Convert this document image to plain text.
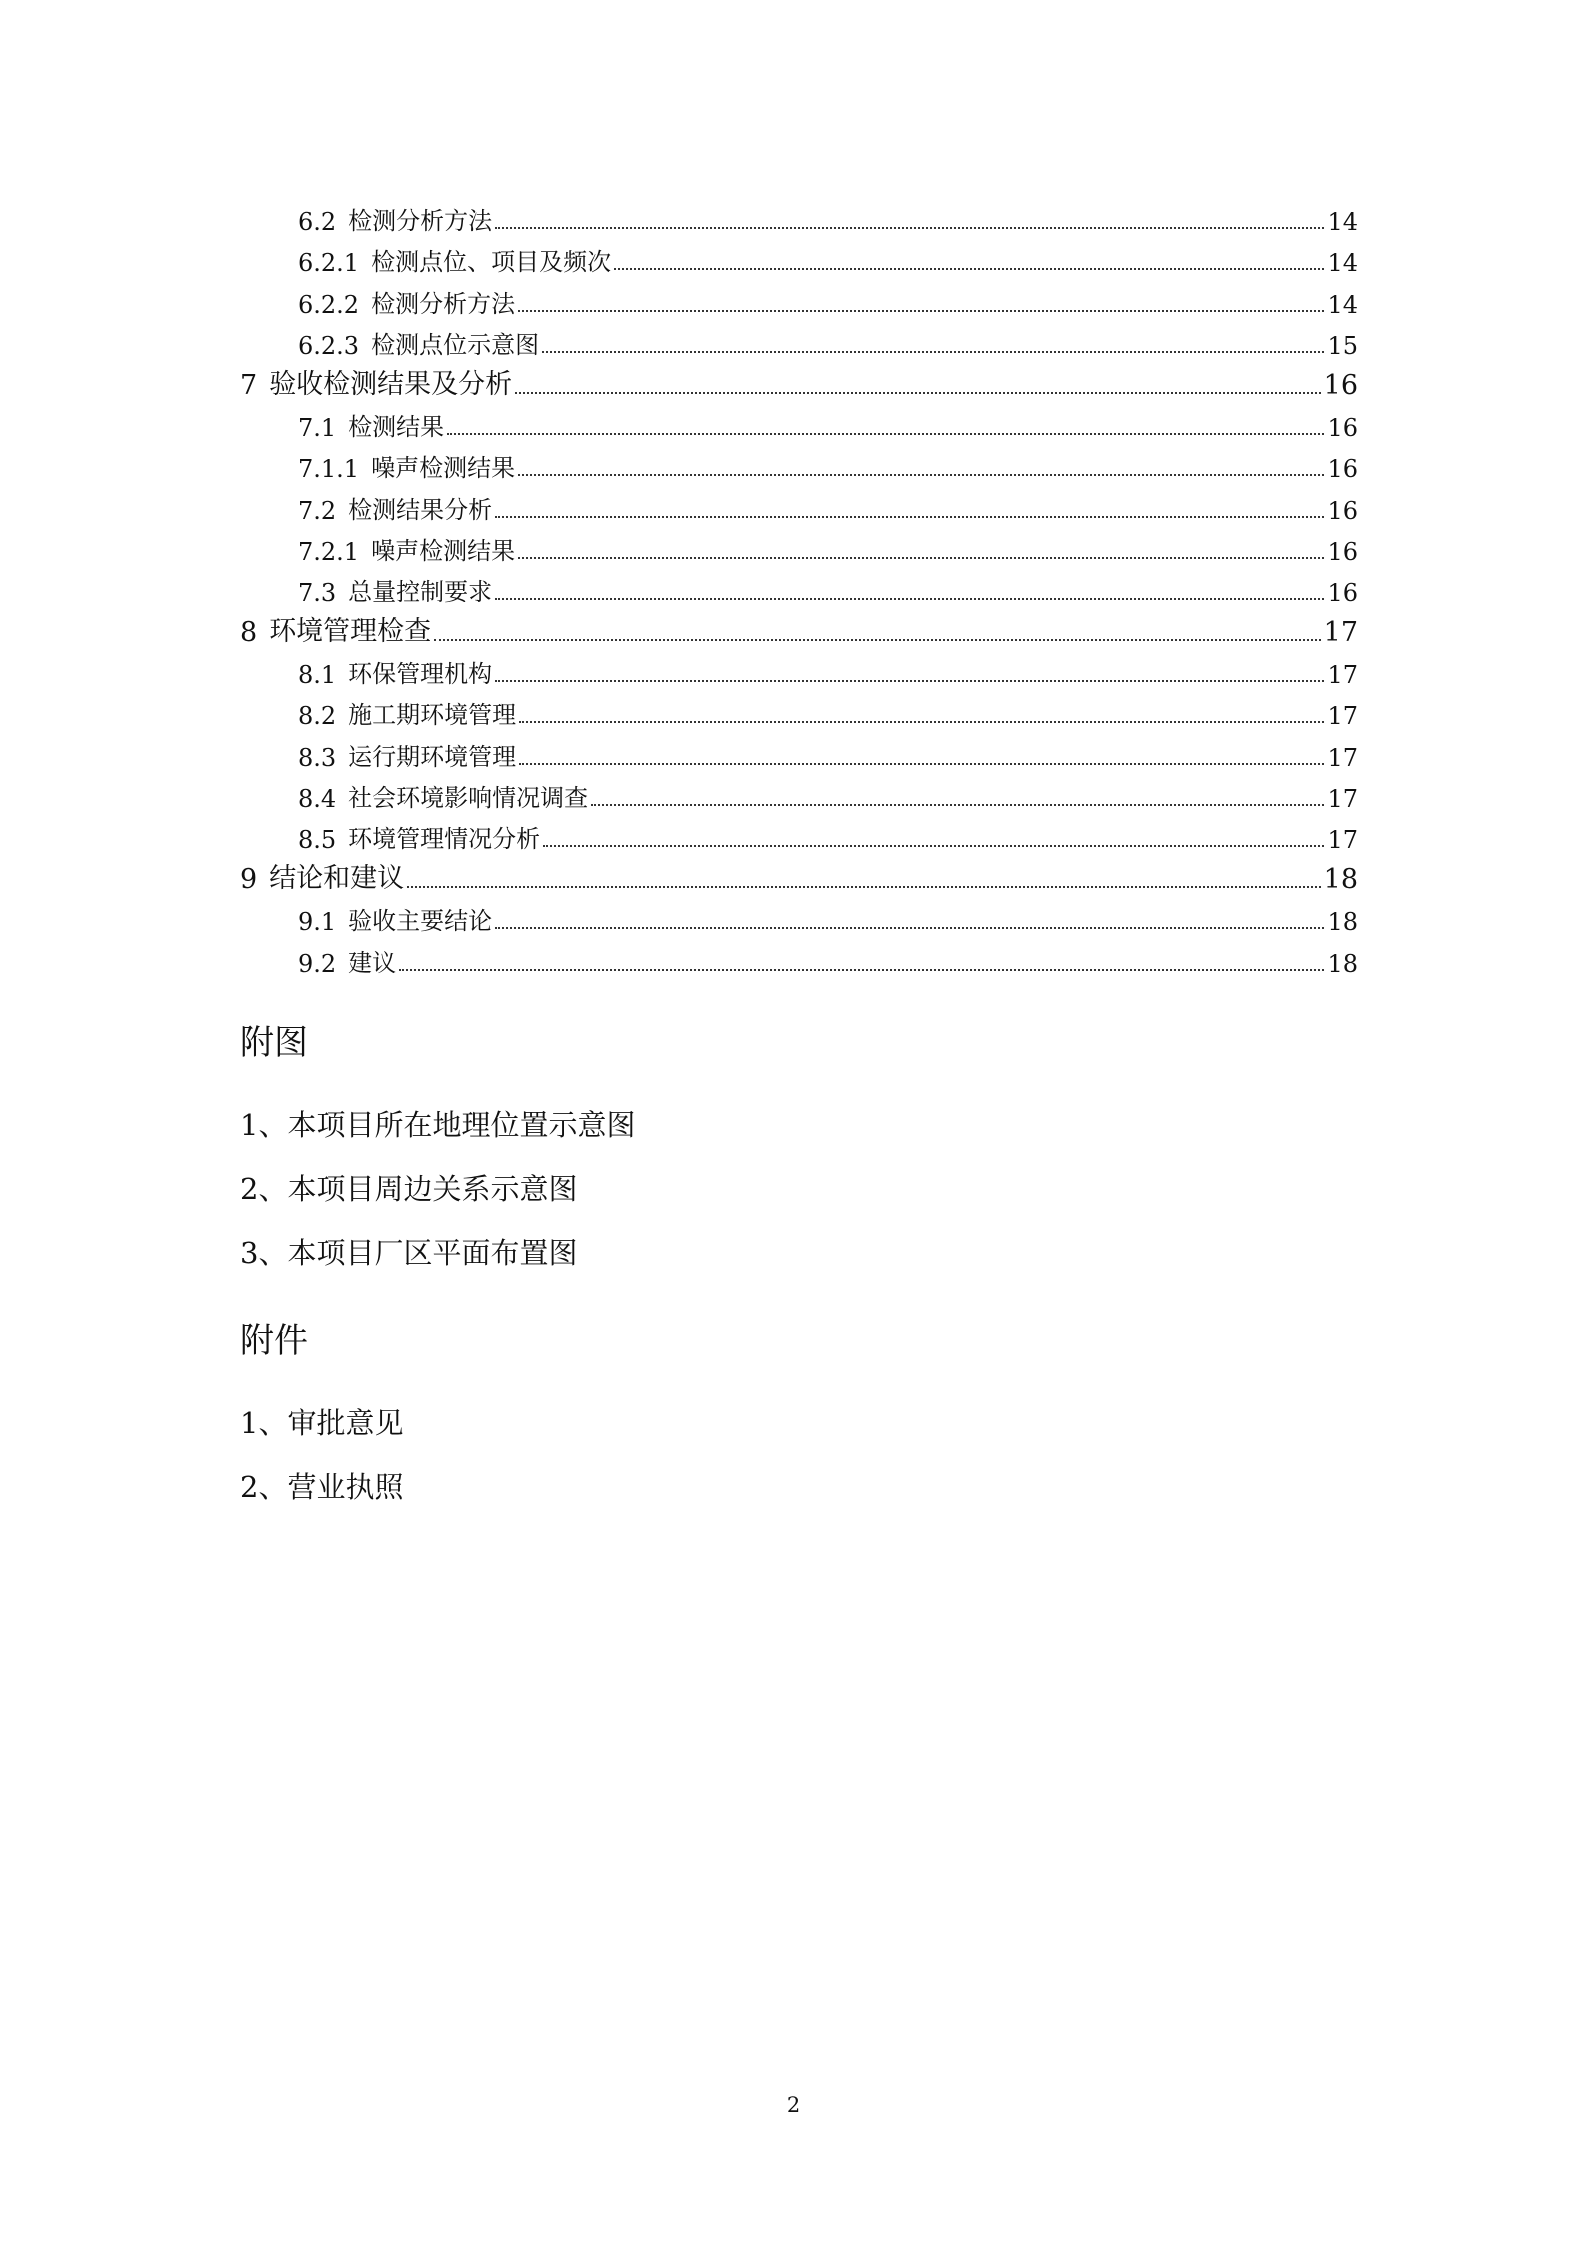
6.2 检测分析方法	14
6.2.1 检测点位、项目及频次	14
6.2.2 检测分析方法	14
6.2.3 检测点位示意图	15
7 验收检测结果及分析	16
7.1 检测结果	16
7.1.1 噪声检测结果	16
7.2 检测结果分析	16
7.2.1 噪声检测结果	16
7.3 总量控制要求	16
8 环境管理检查	17
8.1 环保管理机构	17
8.2 施工期环境管理	17
8.3 运行期环境管理	17
8.4 社会环境影响情况调查	17
8.5 环境管理情况分析	17
9 结论和建议	18
9.1 验收主要结论	18
9.2 建议	18
附图
1、本项目所在地理位置示意图
2、本项目周边关系示意图
3、本项目厂区平面布置图
附件
1、审批意见
2、营业执照
2
